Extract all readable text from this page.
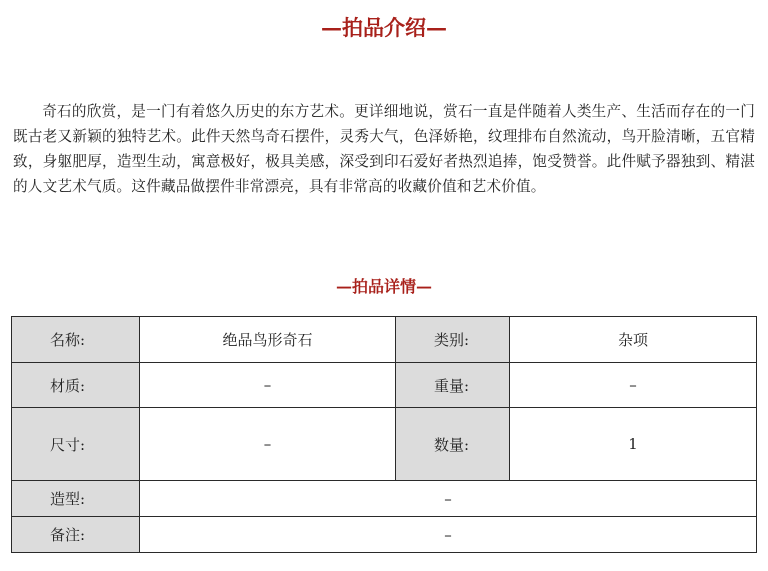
—拍品介绍—

奇石的欣赏，是一门有着悠久历史的东方艺术。更详细地说，赏石一直是伴随着人类生产、生活而存在的一门既古老又新颖的独特艺术。此件天然鸟奇石摆件，灵秀大气，色泽娇艳，纹理排布自然流动，鸟开脸清晰，五官精致，身躯肥厚，造型生动，寓意极好，极具美感，深受到印石爱好者热烈追捧，饱受赞誉。此件赋予器独到、精湛的人文艺术气质。这件藏品做摆件非常漂亮，具有非常高的收藏价值和艺术价值。

—拍品详情—
名称:	绝品鸟形奇石	类别:	杂项
材质:	–	重量:	–
尺寸:	–	数量:	1
造型:	–		
备注:	–		
